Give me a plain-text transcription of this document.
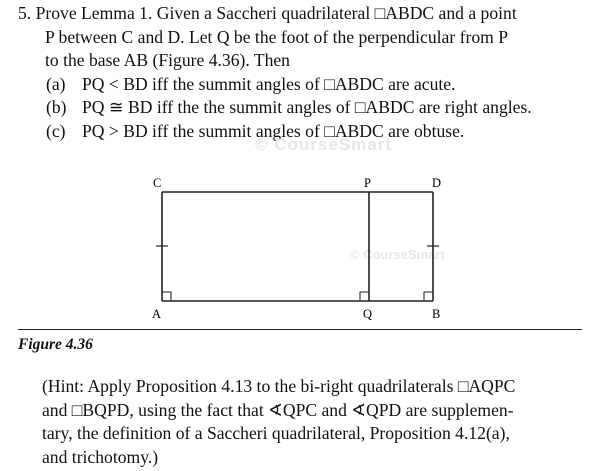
5. Prove Lemma 1. Given a Saccheri quadrilateral □ABDC and a point
P between C and D. Let Q be the foot of the perpendicular from P
to the base AB (Figure 4.36). Then
(a) PQ < BD iff the summit angles of □ABDC are acute.
(b) PQ ≅ BD iff the the summit angles of □ABDC are right angles.
(c) PQ > BD iff the summit angles of □ABDC are obtuse.
© CourseSmart
© CourseSmart
C	P	D
A	Q	B
Figure 4.36
(Hint: Apply Proposition 4.13 to the bi-right quadrilaterals □AQPC
and □BQPD, using the fact that ∢QPC and ∢QPD are supplemen-
tary, the definition of a Saccheri quadrilateral, Proposition 4.12(a),
and trichotomy.)
